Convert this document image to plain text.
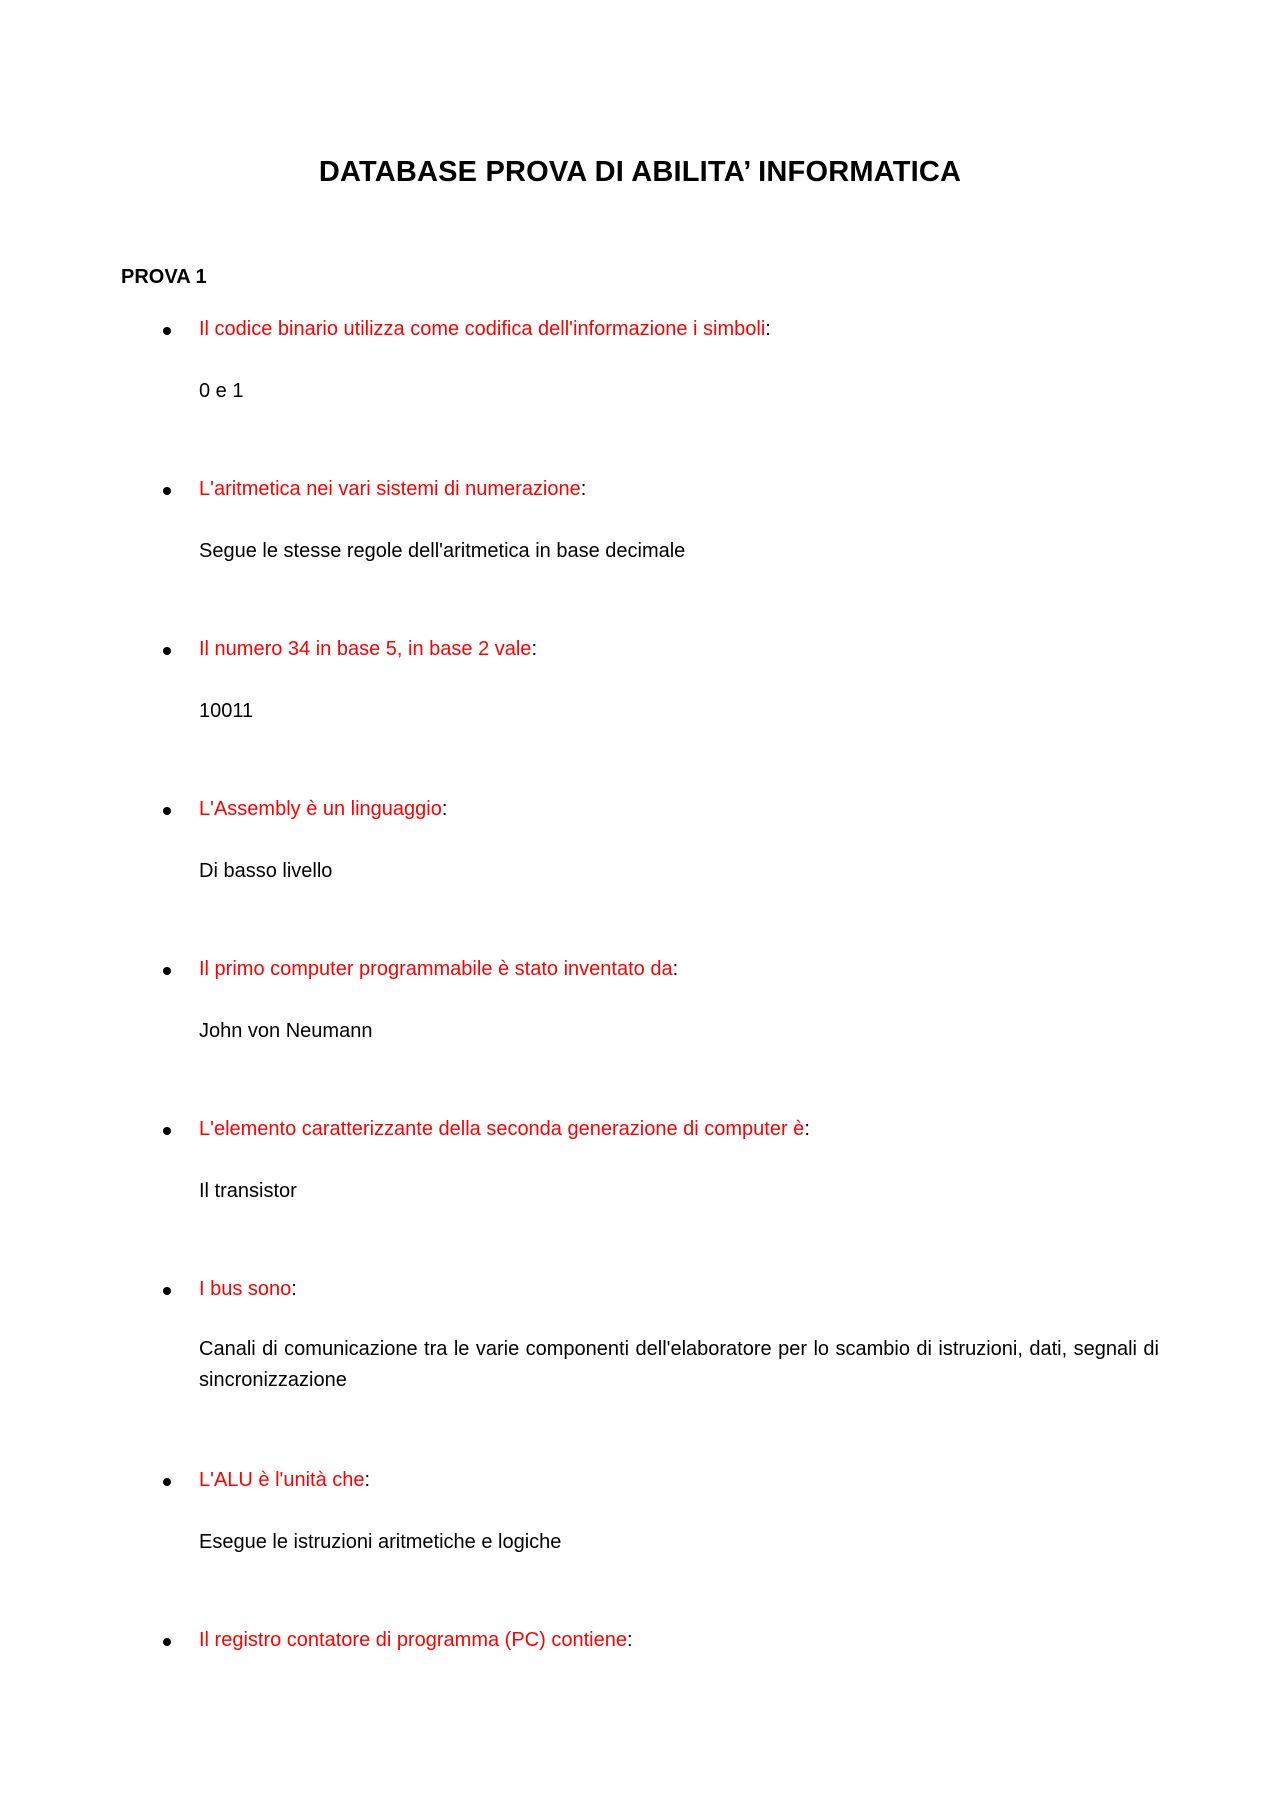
DATABASE PROVA DI ABILITA’ INFORMATICA
PROVA 1
Il codice binario utilizza come codifica dell'informazione i simboli:
0 e 1
L'aritmetica nei vari sistemi di numerazione:
Segue le stesse regole dell'aritmetica in base decimale
Il numero 34 in base 5, in base 2 vale:
10011
L'Assembly è un linguaggio:
Di basso livello
Il primo computer programmabile è stato inventato da:
John von Neumann
L'elemento caratterizzante della seconda generazione di computer è:
Il transistor
I bus sono:
Canali di comunicazione tra le varie componenti dell'elaboratore per lo scambio di istruzioni, dati, segnali di sincronizzazione
L'ALU è l'unità che:
Esegue le istruzioni aritmetiche e logiche
Il registro contatore di programma (PC) contiene:
